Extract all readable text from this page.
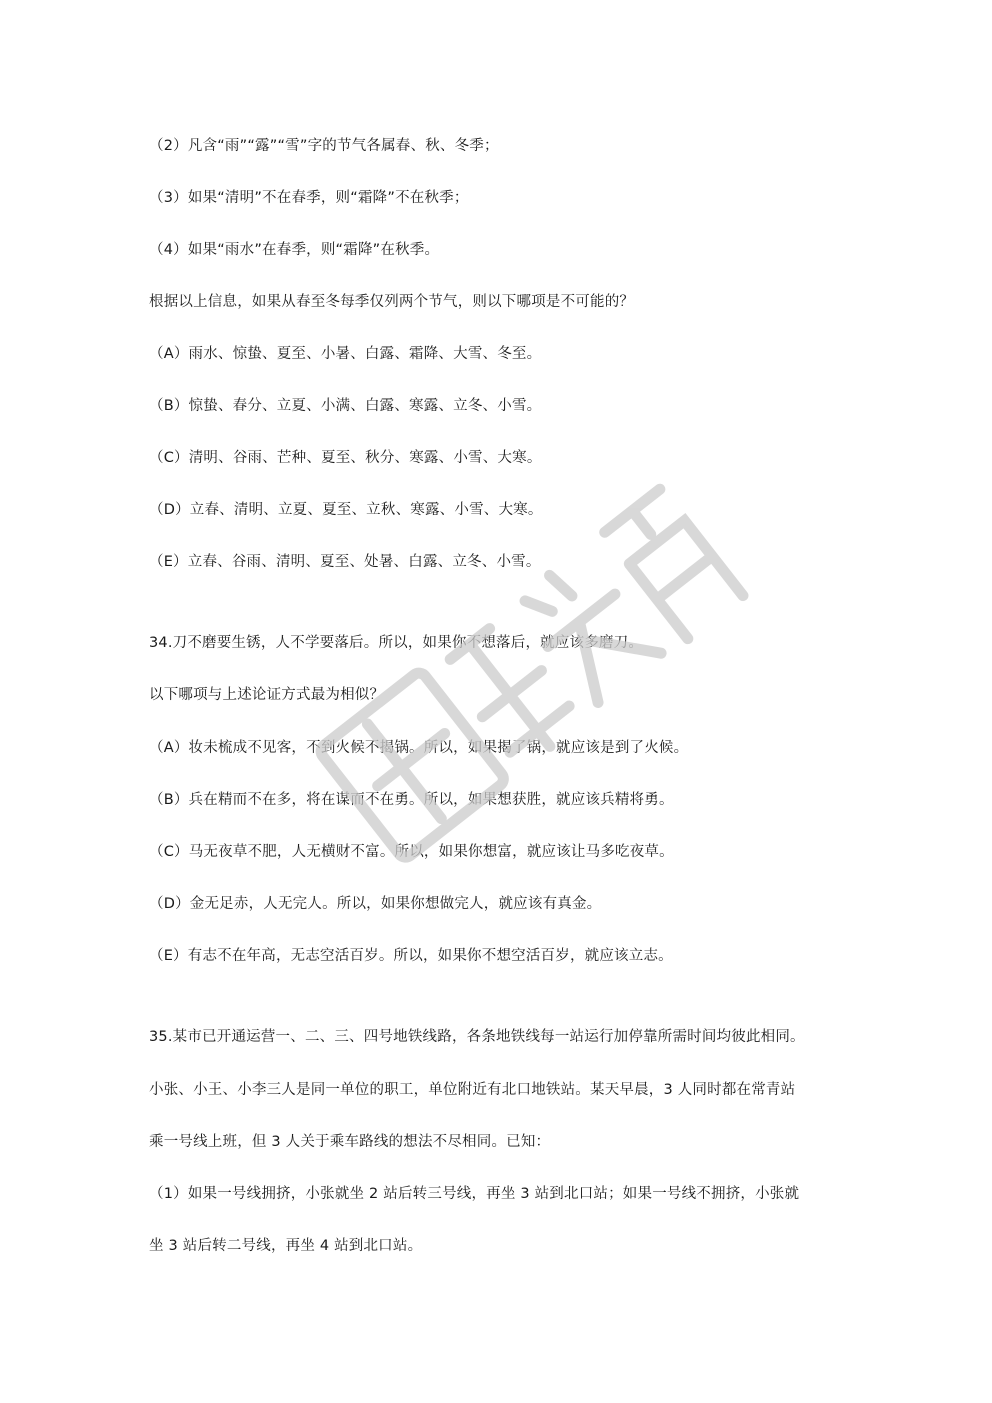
（2）凡含“雨”“露”“雪”字的节气各属春、秋、冬季；
（3）如果“清明”不在春季，则“霜降”不在秋季；
（4）如果“雨水”在春季，则“霜降”在秋季。
根据以上信息，如果从春至冬每季仅列两个节气，则以下哪项是不可能的？
（A）雨水、惊蛰、夏至、小暑、白露、霜降、大雪、冬至。
（B）惊蛰、春分、立夏、小满、白露、寒露、立冬、小雪。
（C）清明、谷雨、芒种、夏至、秋分、寒露、小雪、大寒。
（D）立春、清明、立夏、夏至、立秋、寒露、小雪、大寒。
（E）立春、谷雨、清明、夏至、处暑、白露、立冬、小雪。
34.刀不磨要生锈，人不学要落后。所以，如果你不想落后，就应该多磨刀。
以下哪项与上述论证方式最为相似？
（A）妆未梳成不见客，不到火候不揭锅。所以，如果揭了锅，就应该是到了火候。
（B）兵在精而不在多，将在谋而不在勇。所以，如果想获胜，就应该兵精将勇。
（C）马无夜草不肥，人无横财不富。所以，如果你想富，就应该让马多吃夜草。
（D）金无足赤，人无完人。所以，如果你想做完人，就应该有真金。
（E）有志不在年高，无志空活百岁。所以，如果你不想空活百岁，就应该立志。
35.某市已开通运营一、二、三、四号地铁线路，各条地铁线每一站运行加停靠所需时间均彼此相同。
小张、小王、小李三人是同一单位的职工，单位附近有北口地铁站。某天早晨，3 人同时都在常青站
乘一号线上班，但 3 人关于乘车路线的想法不尽相同。已知：
（1）如果一号线拥挤，小张就坐 2 站后转三号线，再坐 3 站到北口站；如果一号线不拥挤，小张就
坐 3 站后转二号线，再坐 4 站到北口站。
